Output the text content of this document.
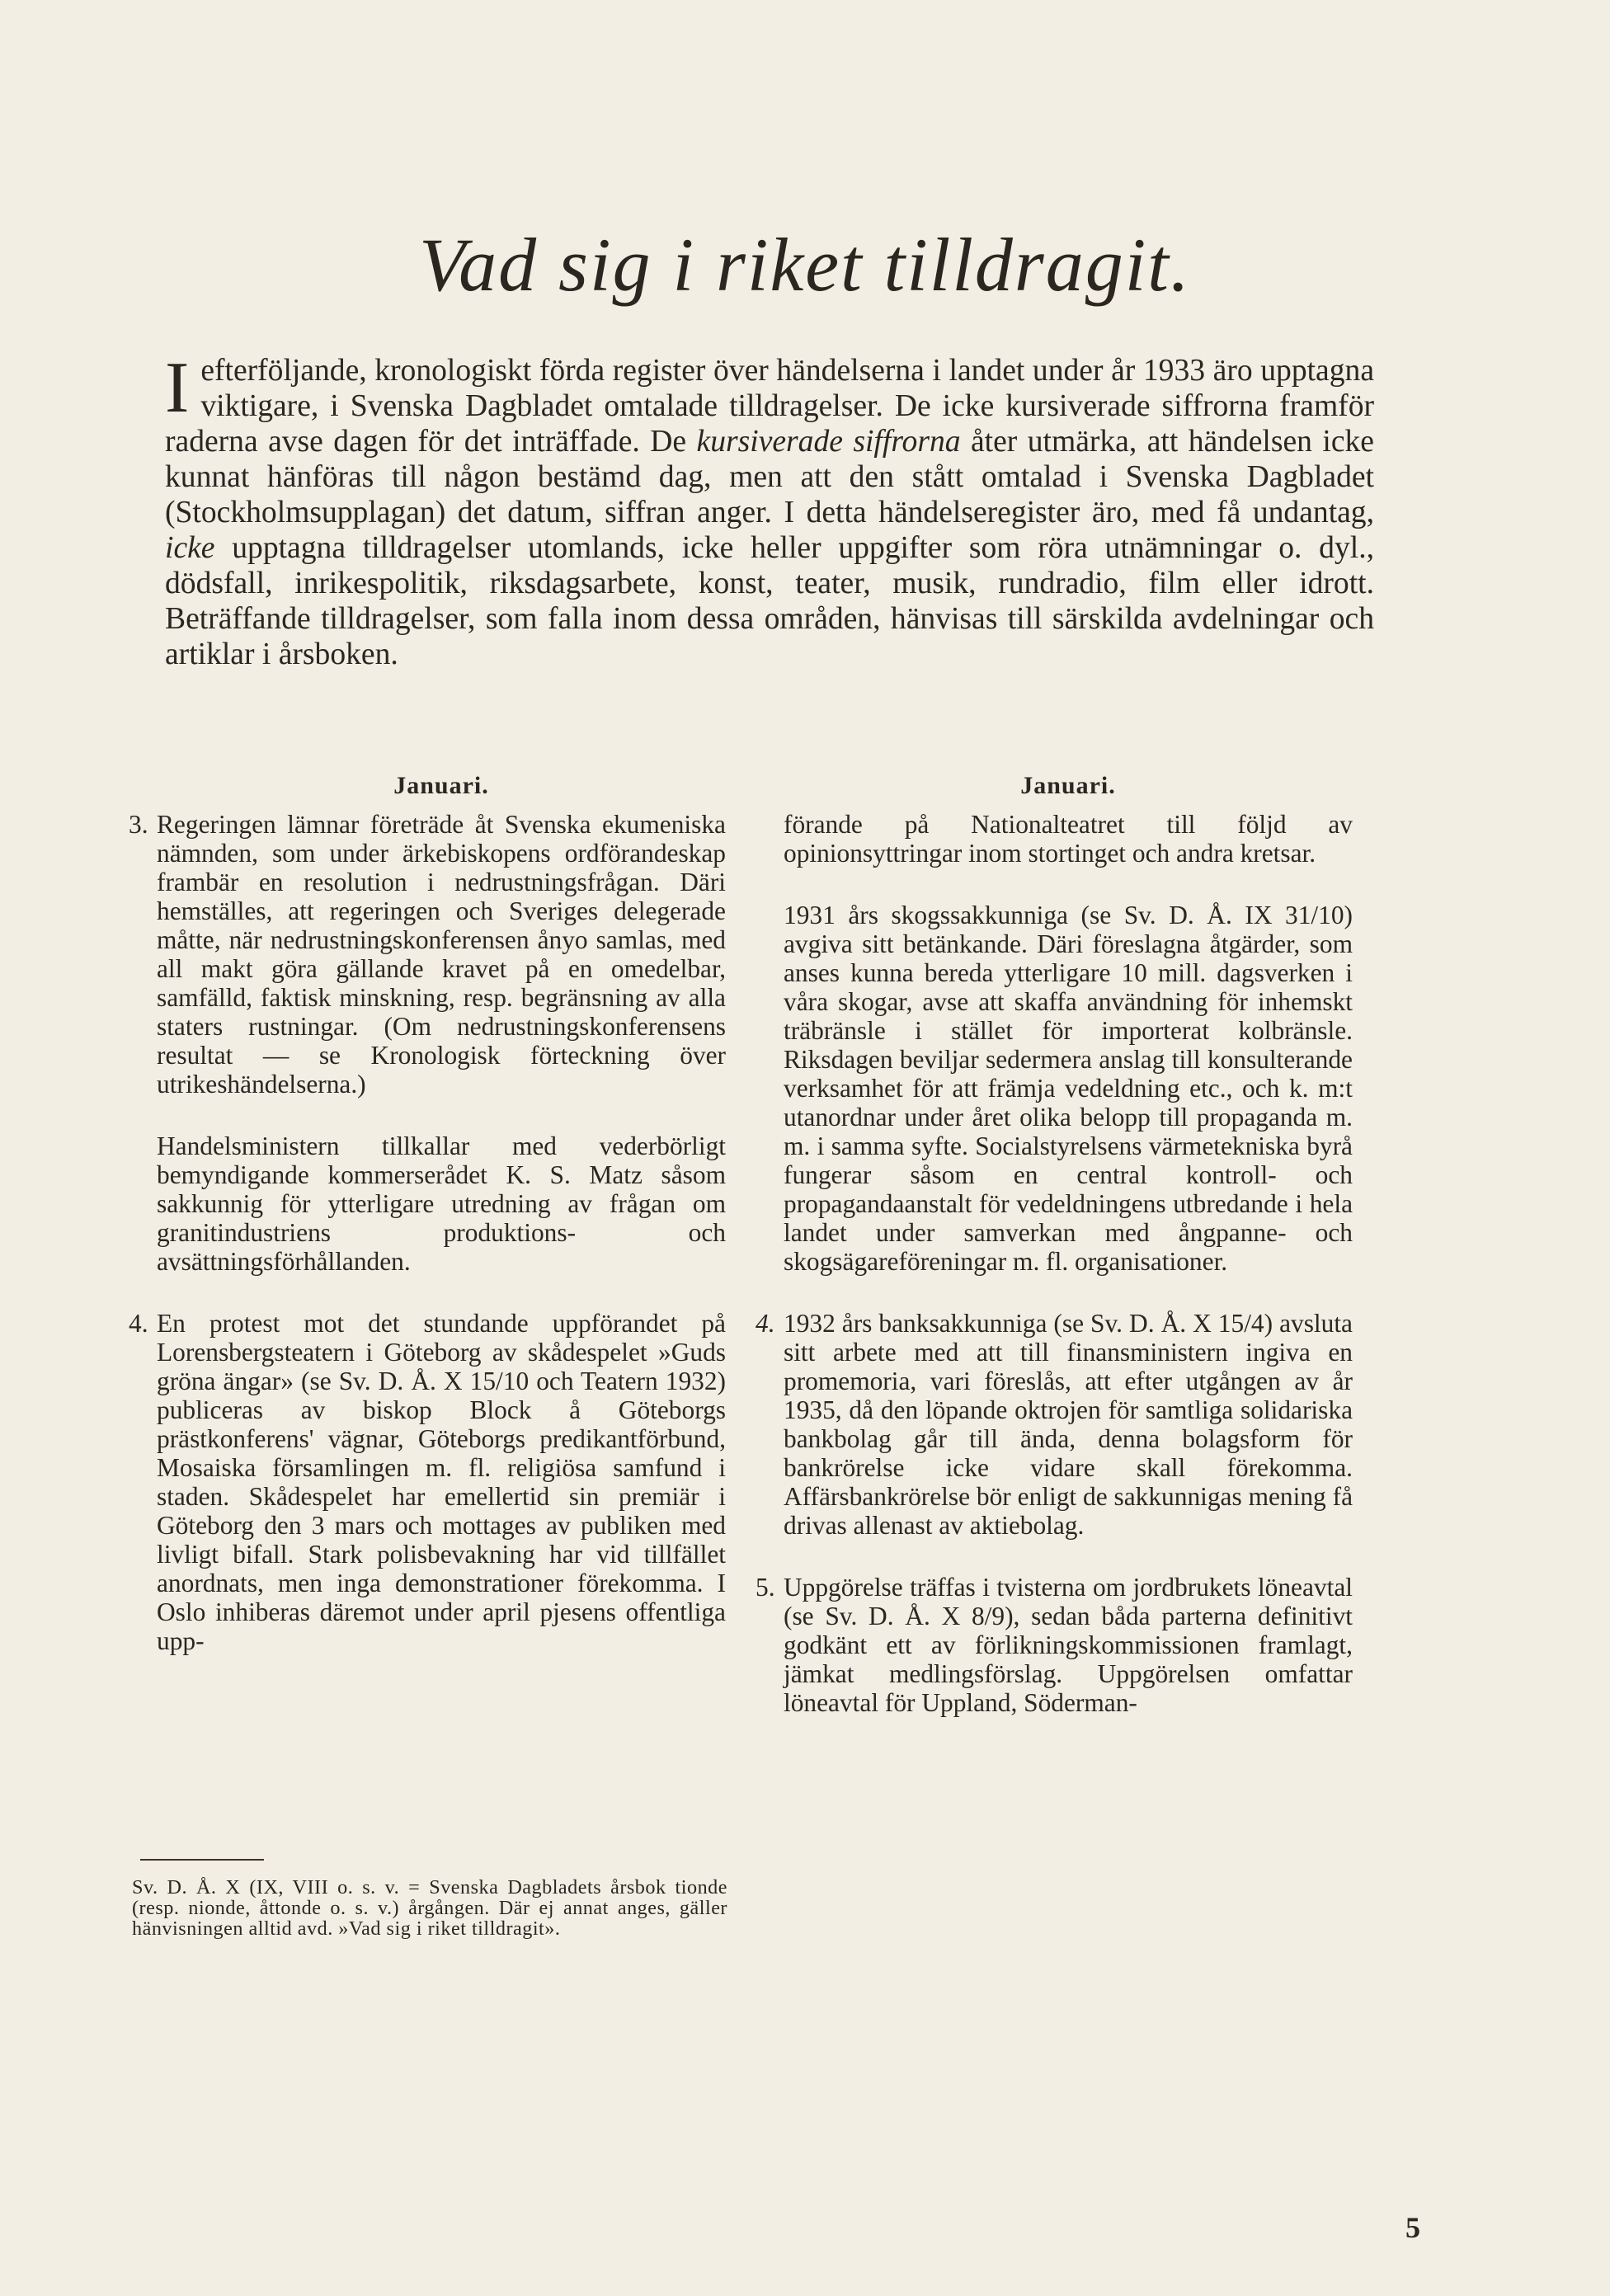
Vad sig i riket tilldragit.
Iefterföljande, kronologiskt förda register över händelserna i landet under år 1933 äro upptagna viktigare, i Svenska Dagbladet omtalade tilldragelser. De icke kursiverade siffrorna framför raderna avse dagen för det inträffade. De kursiverade siffrorna åter utmärka, att händelsen icke kunnat hänföras till någon bestämd dag, men att den stått omtalad i Svenska Dagbladet (Stockholmsupplagan) det datum, siffran anger. I detta händelseregister äro, med få undantag, icke upptagna tilldragelser utomlands, icke heller uppgifter som röra utnämningar o. dyl., dödsfall, inrikespolitik, riksdagsarbete, konst, teater, musik, rundradio, film eller idrott. Beträffande tilldragelser, som falla inom dessa områden, hänvisas till särskilda avdelningar och artiklar i årsboken.
Januari.
3. Regeringen lämnar företräde åt Svenska ekumeniska nämnden, som under ärkebiskopens ordförandeskap frambär en resolution i nedrustningsfrågan. Däri hemställes, att regeringen och Sveriges delegerade måtte, när nedrustningskonferensen ånyo samlas, med all makt göra gällande kravet på en omedelbar, samfälld, faktisk minskning, resp. begränsning av alla staters rustningar. (Om nedrustningskonferensens resultat — se Kronologisk förteckning över utrikeshändelserna.)

Handelsministern tillkallar med vederbörligt bemyndigande kommerserådet K. S. Matz såsom sakkunnig för ytterligare utredning av frågan om granitindustriens produktions- och avsättningsförhållanden.

4. En protest mot det stundande uppförandet på Lorensbergsteatern i Göteborg av skådespelet »Guds gröna ängar» (se Sv. D. Å. X 15/10 och Teatern 1932) publiceras av biskop Block å Göteborgs prästkonferens' vägnar, Göteborgs predikantförbund, Mosaiska församlingen m. fl. religiösa samfund i staden. Skådespelet har emellertid sin premiär i Göteborg den 3 mars och mottages av publiken med livligt bifall. Stark polisbevakning har vid tillfället anordnats, men inga demonstrationer förekomma. I Oslo inhiberas däremot under april pjesens offentliga upp-

Januari.

förande på Nationalteatret till följd av opinionsyttringar inom stortinget och andra kretsar.

1931 års skogssakkunniga (se Sv. D. Å. IX 31/10) avgiva sitt betänkande. Däri föreslagna åtgärder, som anses kunna bereda ytterligare 10 mill. dagsverken i våra skogar, avse att skaffa användning för inhemskt träbränsle i stället för importerat kolbränsle. Riksdagen beviljar sedermera anslag till konsulterande verksamhet för att främja vedeldning etc., och k. m:t utanordnar under året olika belopp till propaganda m. m. i samma syfte. Socialstyrelsens värmetekniska byrå fungerar såsom en central kontroll- och propagandaanstalt för vedeldningens utbredande i hela landet under samverkan med ångpanne- och skogsägareföreningar m. fl. organisationer.

4. 1932 års banksakkunniga (se Sv. D. Å. X 15/4) avsluta sitt arbete med att till finansministern ingiva en promemoria, vari föreslås, att efter utgången av år 1935, då den löpande oktrojen för samtliga solidariska bankbolag går till ända, denna bolagsform för bankrörelse icke vidare skall förekomma. Affärsbankrörelse bör enligt de sakkunnigas mening få drivas allenast av aktiebolag.

5. Uppgörelse träffas i tvisterna om jordbrukets löneavtal (se Sv. D. Å. X 8/9), sedan båda parterna definitivt godkänt ett av förlikningskommissionen framlagt, jämkat medlingsförslag. Uppgörelsen omfattar löneavtal för Uppland, Söderman-

Sv. D. Å. X (IX, VIII o. s. v. = Svenska Dagbladets årsbok tionde (resp. nionde, åttonde o. s. v.) årgången. Där ej annat anges, gäller hänvisningen alltid avd. »Vad sig i riket tilldragit».
5
